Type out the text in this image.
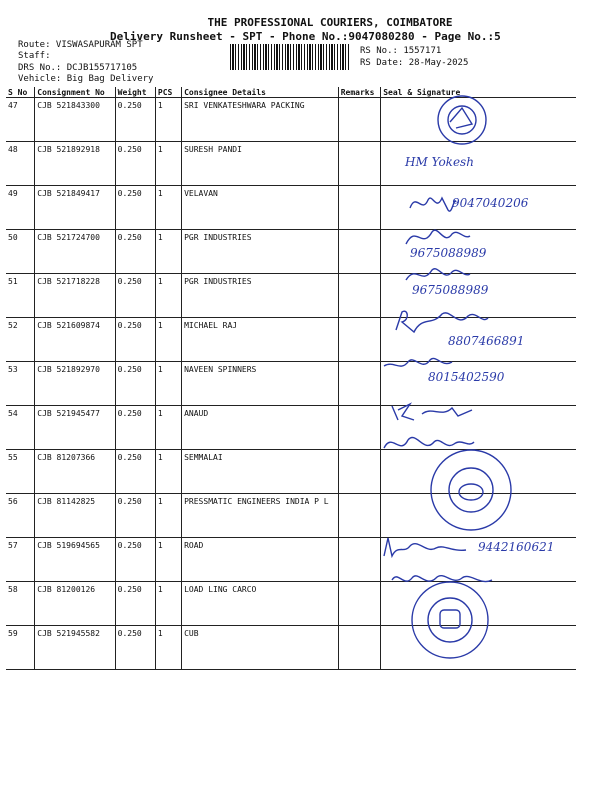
THE PROFESSIONAL COURIERS, COIMBATORE
Delivery Runsheet - SPT - Phone No.:9047080280 - Page No.:5
Route: VISWASAPURAM SPT
Staff:
DRS No.: DCJB155717105
Vehicle: Big Bag Delivery
RS No.: 1557171
RS Date: 28-May-2025
S No	Consignment No	Weight	PCS	Consignee Details	Remarks	Seal & Signature
47	CJB 521843300	0.250	1	SRI VENKATESHWARA PACKING		
48	CJB 521892918	0.250	1	SURESH PANDI		
49	CJB 521849417	0.250	1	VELAVAN		
50	CJB 521724700	0.250	1	PGR INDUSTRIES		
51	CJB 521718228	0.250	1	PGR INDUSTRIES		
52	CJB 521609874	0.250	1	MICHAEL RAJ		
53	CJB 521892970	0.250	1	NAVEEN SPINNERS		
54	CJB 521945477	0.250	1	ANAUD		
55	CJB 81207366	0.250	1	SEMMALAI		
56	CJB 81142825	0.250	1	PRESSMATIC ENGINEERS INDIA P L		
57	CJB 519694565	0.250	1	ROAD		
58	CJB 81200126	0.250	1	LOAD LING CARCO		
59	CJB 521945582	0.250	1	CUB		
HM Yokesh
9047040206
9675088989
9675088989
8807466891
8015402590
9442160621
